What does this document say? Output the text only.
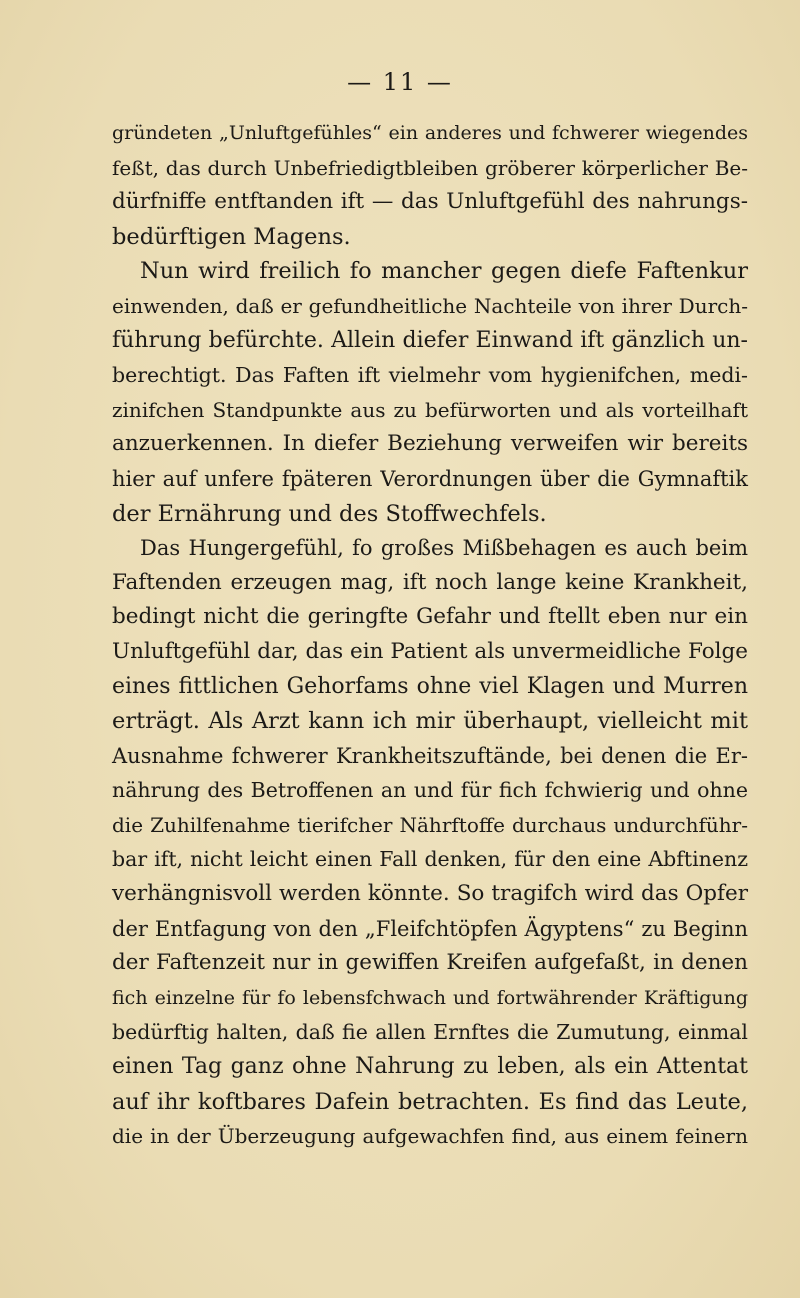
— 11 —
gründeten „Unluftgefühles“ ein anderes und fchwerer wiegendes
feßt, das durch Unbefriedigtbleiben gröberer körperlicher Be-
dürfniffe entftanden ift — das Unluftgefühl des nahrungs-
bedürftigen Magens.
Nun wird freilich fo mancher gegen diefe Faftenkur
einwenden, daß er gefundheitliche Nachteile von ihrer Durch-
führung befürchte. Allein diefer Einwand ift gänzlich un-
berechtigt. Das Faften ift vielmehr vom hygienifchen, medi-
zinifchen Standpunkte aus zu befürworten und als vorteilhaft
anzuerkennen. In diefer Beziehung verweifen wir bereits
hier auf unfere fpäteren Verordnungen über die Gymnaftik
der Ernährung und des Stoffwechfels.
Das Hungergefühl, fo großes Mißbehagen es auch beim
Faftenden erzeugen mag, ift noch lange keine Krankheit,
bedingt nicht die geringfte Gefahr und ftellt eben nur ein
Unluftgefühl dar, das ein Patient als unvermeidliche Folge
eines fittlichen Gehorfams ohne viel Klagen und Murren
erträgt. Als Arzt kann ich mir überhaupt, vielleicht mit
Ausnahme fchwerer Krankheitszuftände, bei denen die Er-
nährung des Betroffenen an und für fich fchwierig und ohne
die Zuhilfenahme tierifcher Nährftoffe durchaus undurchführ-
bar ift, nicht leicht einen Fall denken, für den eine Abftinenz
verhängnisvoll werden könnte. So tragifch wird das Opfer
der Entfagung von den „Fleifchtöpfen Ägyptens“ zu Beginn
der Faftenzeit nur in gewiffen Kreifen aufgefaßt, in denen
fich einzelne für fo lebensfchwach und fortwährender Kräftigung
bedürftig halten, daß fie allen Ernftes die Zumutung, einmal
einen Tag ganz ohne Nahrung zu leben, als ein Attentat
auf ihr koftbares Dafein betrachten. Es find das Leute,
die in der Überzeugung aufgewachfen find, aus einem feinern
